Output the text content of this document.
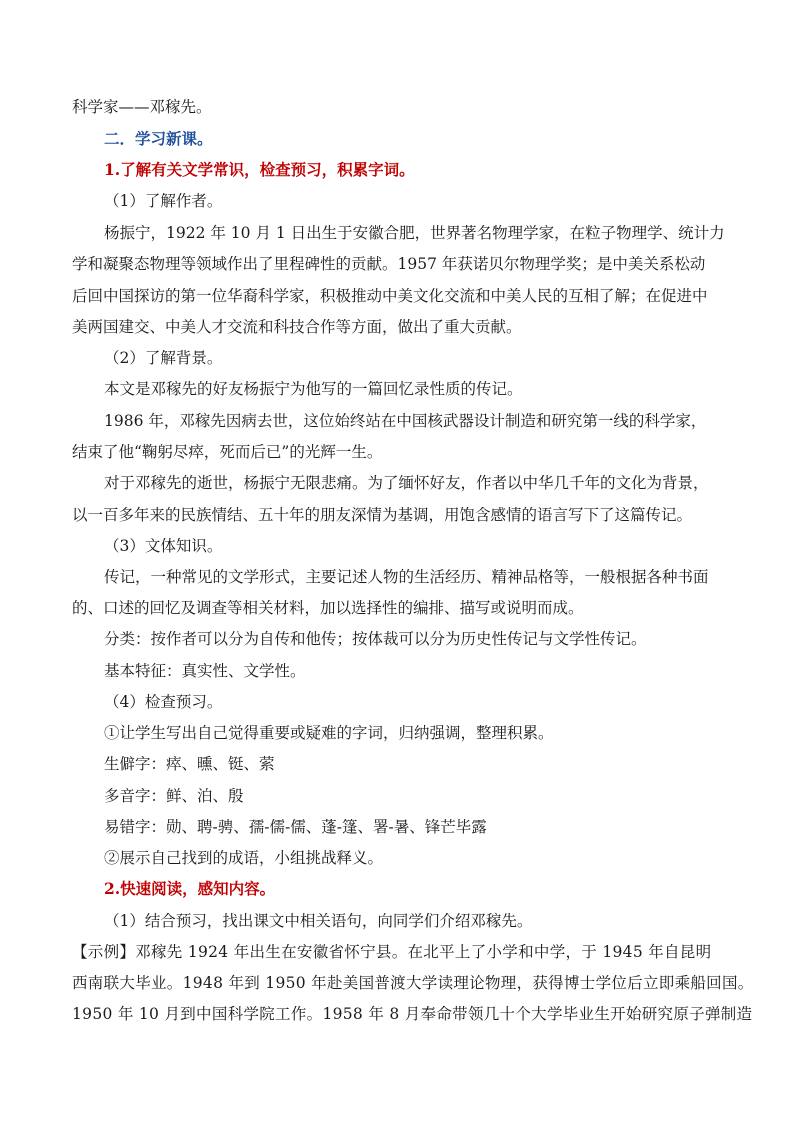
科学家——邓稼先。

二．学习新课。

1.了解有关文学常识，检查预习，积累字词。

（1）了解作者。

杨振宁，1922 年 10 月 1 日出生于安徽合肥，世界著名物理学家，在粒子物理学、统计力

学和凝聚态物理等领域作出了里程碑性的贡献。1957 年获诺贝尔物理学奖；是中美关系松动

后回中国探访的第一位华裔科学家，积极推动中美文化交流和中美人民的互相了解；在促进中

美两国建交、中美人才交流和科技合作等方面，做出了重大贡献。

（2）了解背景。

本文是邓稼先的好友杨振宁为他写的一篇回忆录性质的传记。

1986 年，邓稼先因病去世，这位始终站在中国核武器设计制造和研究第一线的科学家，

结束了他“鞠躬尽瘁，死而后已”的光辉一生。

对于邓稼先的逝世，杨振宁无限悲痛。为了缅怀好友，作者以中华几千年的文化为背景，

以一百多年来的民族情结、五十年的朋友深情为基调，用饱含感情的语言写下了这篇传记。

（3）文体知识。

传记，一种常见的文学形式，主要记述人物的生活经历、精神品格等，一般根据各种书面

的、口述的回忆及调查等相关材料，加以选择性的编排、描写或说明而成。

分类：按作者可以分为自传和他传；按体裁可以分为历史性传记与文学性传记。

基本特征：真实性、文学性。

（4）检查预习。

①让学生写出自己觉得重要或疑难的字词，归纳强调，整理积累。

生僻字：瘁、曛、铤、萦

多音字：鲜、泊、殷

易错字：勋、聘-骋、孺-儒-儒、蓬-篷、署-暑、锋芒毕露

②展示自己找到的成语，小组挑战释义。

2.快速阅读，感知内容。

（1）结合预习，找出课文中相关语句，向同学们介绍邓稼先。

【示例】邓稼先 1924 年出生在安徽省怀宁县。在北平上了小学和中学，于 1945 年自昆明

西南联大毕业。1948 年到 1950 年赴美国普渡大学读理论物理，获得博士学位后立即乘船回国。

1950 年 10 月到中国科学院工作。1958 年 8 月奉命带领几十个大学毕业生开始研究原子弹制造
